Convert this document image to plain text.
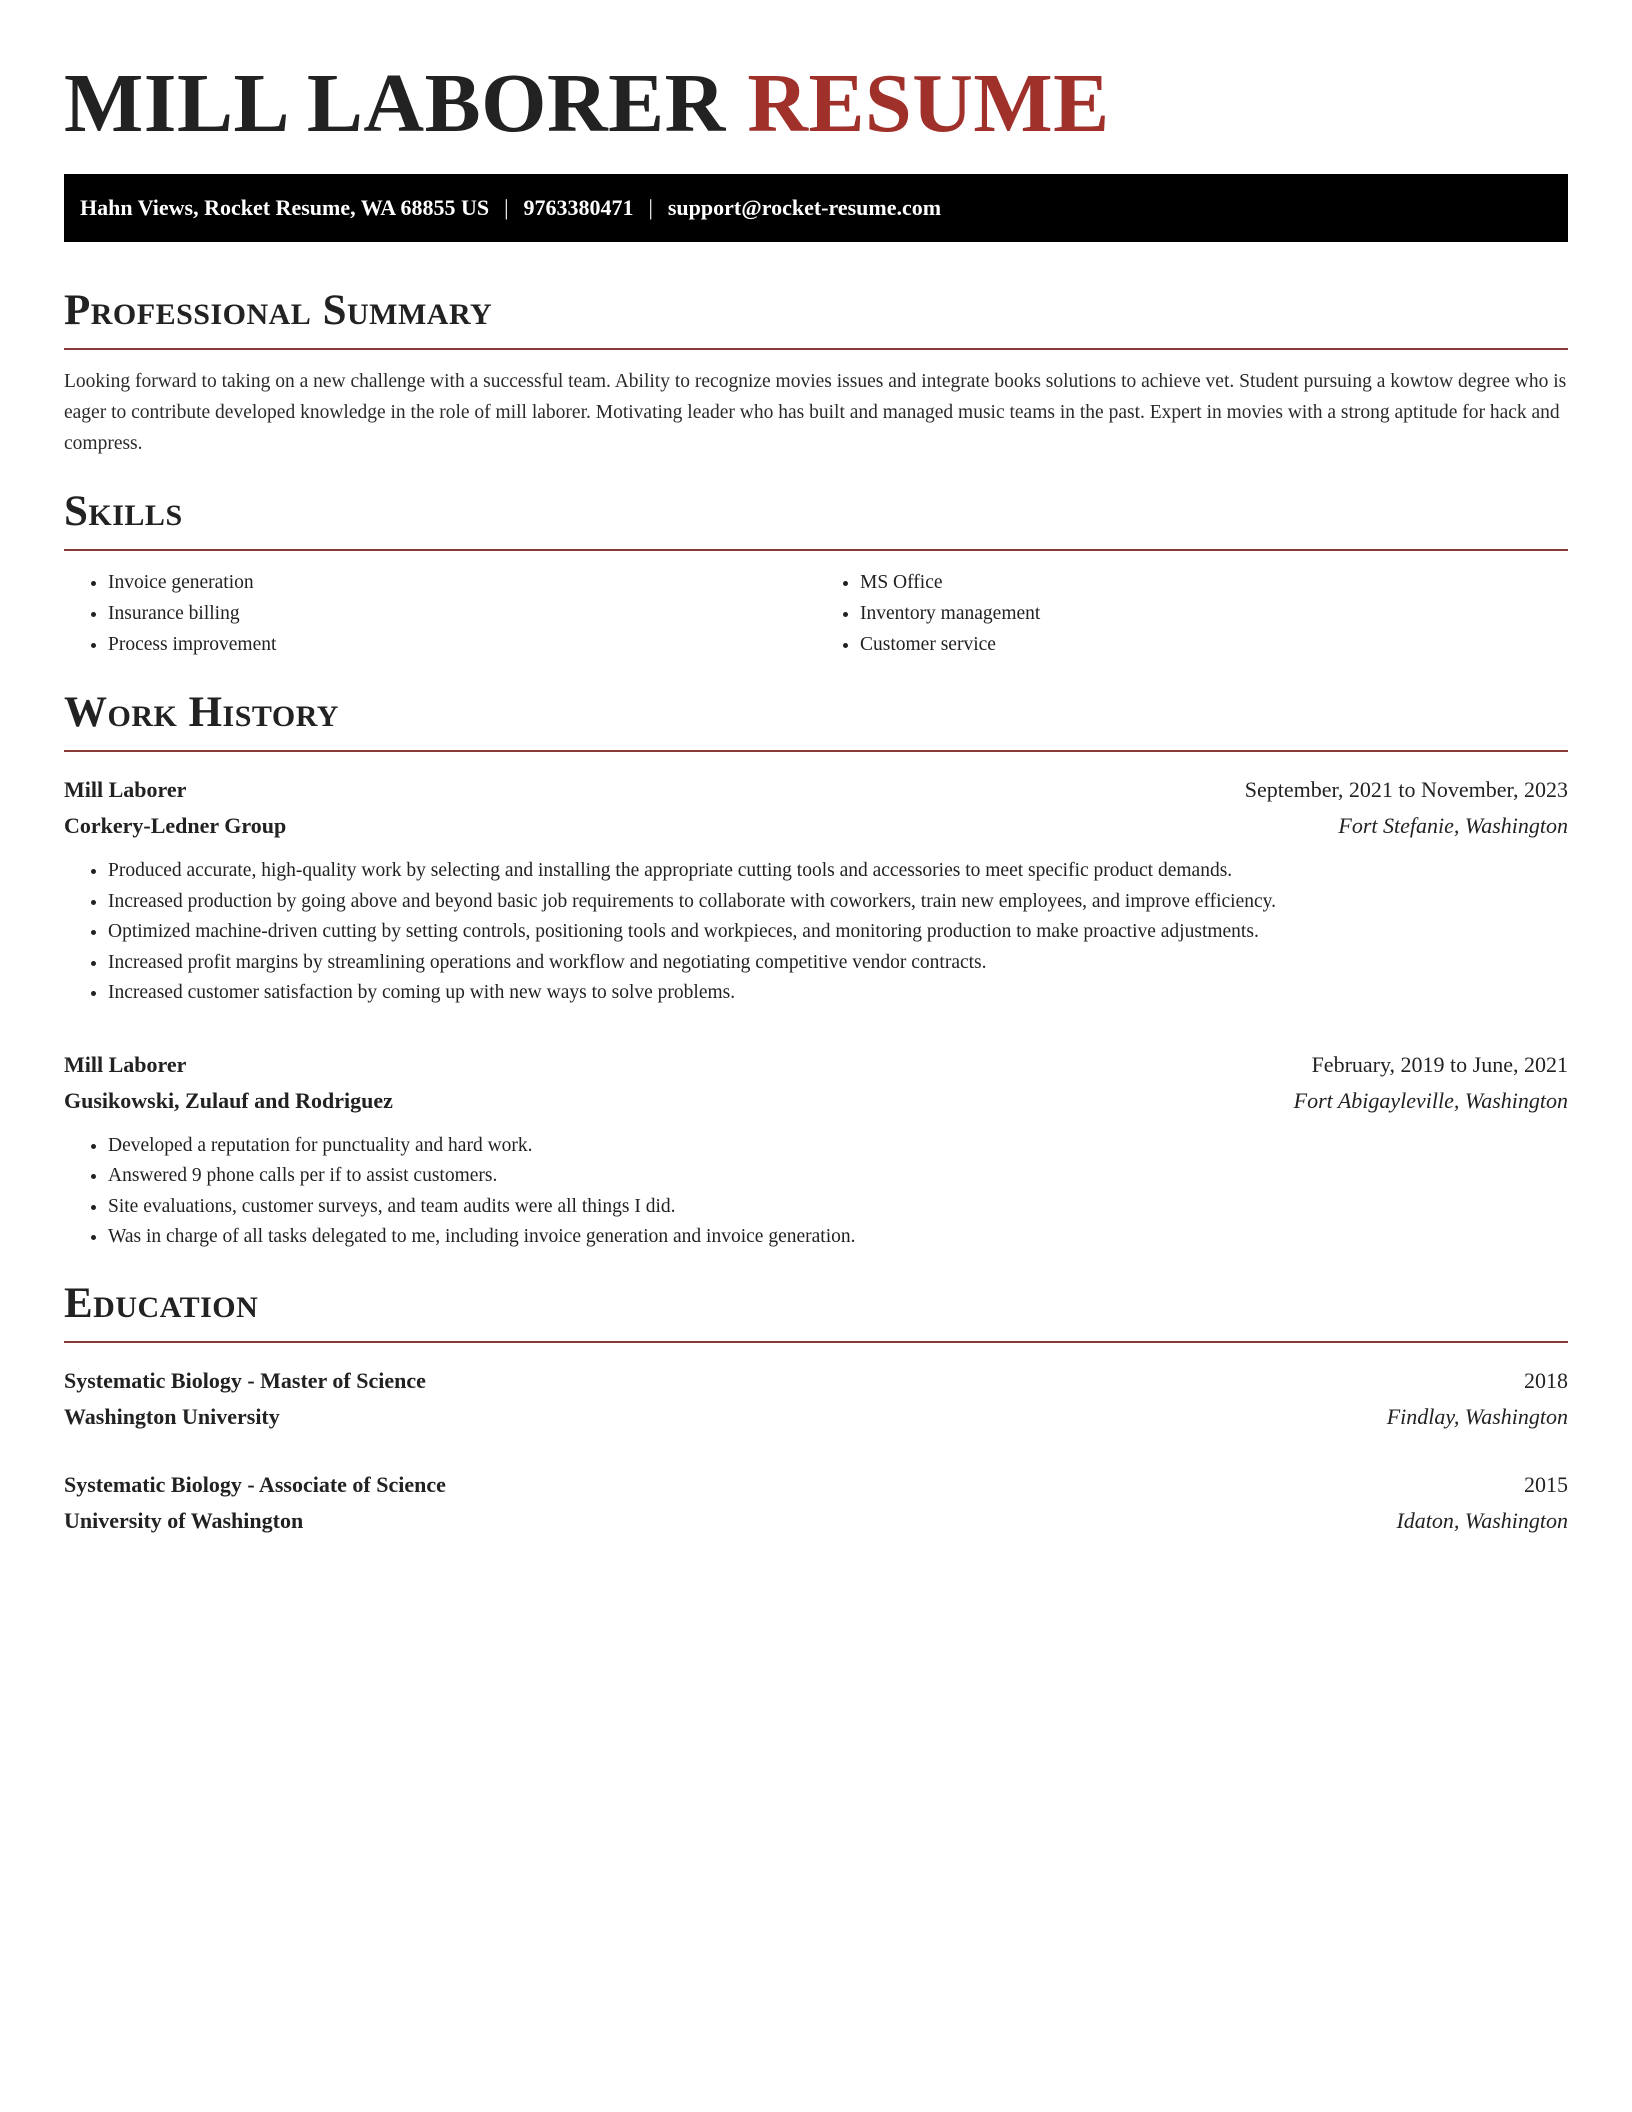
MILL LABORER RESUME
Hahn Views, Rocket Resume, WA 68855 US | 9763380471 | support@rocket-resume.com
Professional Summary

Looking forward to taking on a new challenge with a successful team. Ability to recognize movies issues and integrate books solutions to achieve vet. Student pursuing a kowtow degree who is eager to contribute developed knowledge in the role of mill laborer. Motivating leader who has built and managed music teams in the past. Expert in movies with a strong aptitude for hack and compress.

Skills
• Invoice generation
• Insurance billing
• Process improvement
• MS Office
• Inventory management
• Customer service
Work History
Mill Laborer	September, 2021 to November, 2023
Corkery-Ledner Group	Fort Stefanie, Washington
• Produced accurate, high-quality work by selecting and installing the appropriate cutting tools and accessories to meet specific product demands.
• Increased production by going above and beyond basic job requirements to collaborate with coworkers, train new employees, and improve efficiency.
• Optimized machine-driven cutting by setting controls, positioning tools and workpieces, and monitoring production to make proactive adjustments.
• Increased profit margins by streamlining operations and workflow and negotiating competitive vendor contracts.
• Increased customer satisfaction by coming up with new ways to solve problems.
Mill Laborer	February, 2019 to June, 2021
Gusikowski, Zulauf and Rodriguez	Fort Abigayleville, Washington
• Developed a reputation for punctuality and hard work.
• Answered 9 phone calls per if to assist customers.
• Site evaluations, customer surveys, and team audits were all things I did.
• Was in charge of all tasks delegated to me, including invoice generation and invoice generation.
Education
Systematic Biology - Master of Science	2018
Washington University	Findlay, Washington
Systematic Biology - Associate of Science	2015
University of Washington	Idaton, Washington
